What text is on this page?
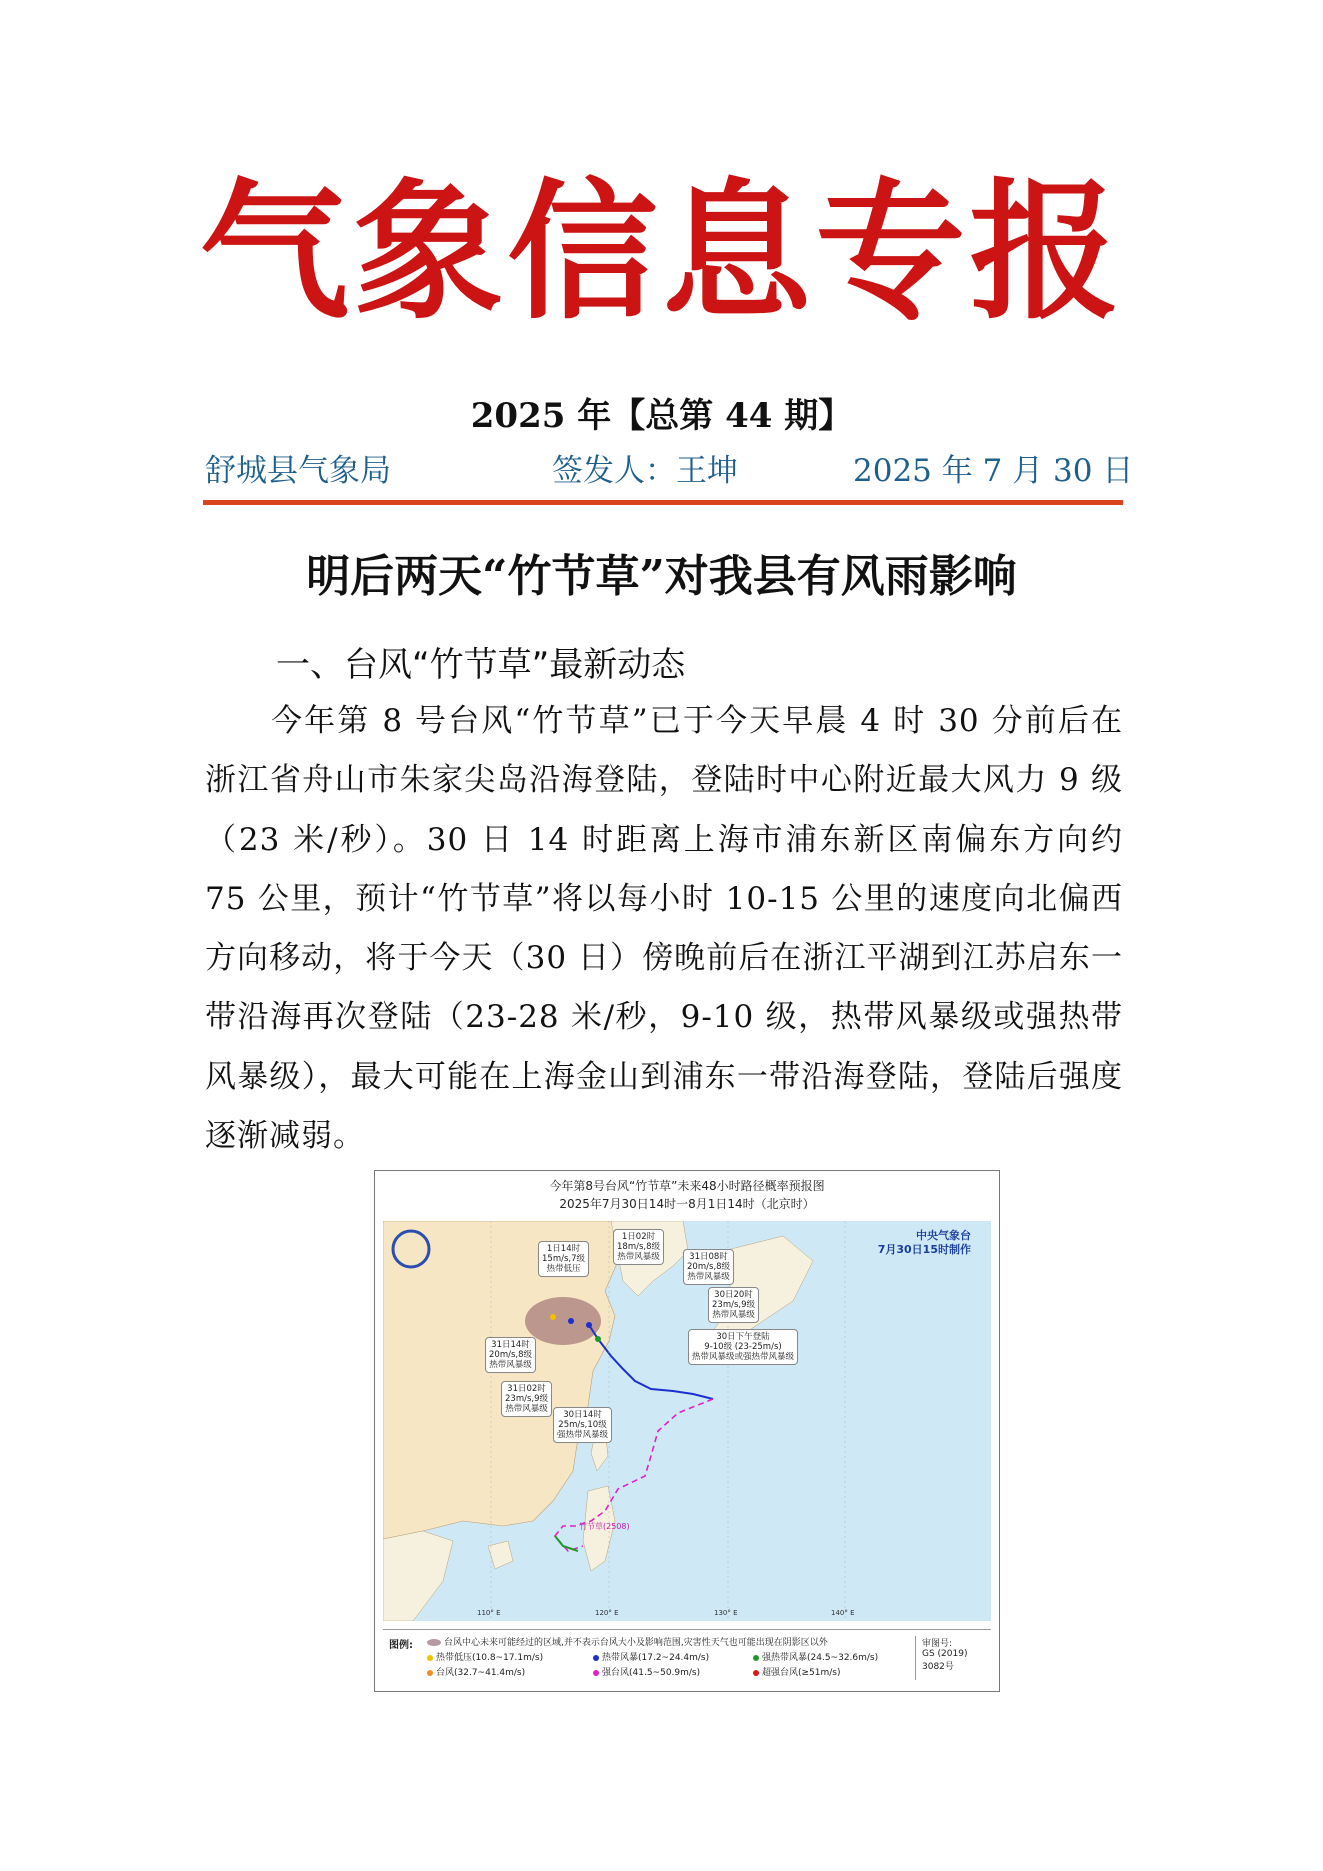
气象信息专报
2025 年【总第 44 期】
舒城县气象局	签发人：王坤	2025 年 7 月 30 日
明后两天“竹节草”对我县有风雨影响
一、台风“竹节草”最新动态
今年第 8 号台风“竹节草”已于今天早晨 4 时 30 分前后在浙江省舟山市朱家尖岛沿海登陆，登陆时中心附近最大风力 9 级（23 米/秒）。30 日 14 时距离上海市浦东新区南偏东方向约 75 公里，预计“竹节草”将以每小时 10-15 公里的速度向北偏西方向移动，将于今天（30 日）傍晚前后在浙江平湖到江苏启东一带沿海再次登陆（23-28 米/秒，9-10 级，热带风暴级或强热带风暴级），最大可能在上海金山到浦东一带沿海登陆，登陆后强度逐渐减弱。
今年第8号台风“竹节草”未来48小时路径概率预报图
2025年7月30日14时一8月1日14时（北京时）
中央气象台
7月30日15时制作
1日14时
15m/s,7级
热带低压
1日02时
18m/s,8级
热带风暴级	31日08时
20m/s,8级
热带风暴级
30日20时
23m/s,9级
热带风暴级
30日下午登陆
9-10级 (23-25m/s)
热带风暴级或强热带风暴级
31日14时
20m/s,8级
热带风暴级
31日02时
23m/s,9级
热带风暴级
30日14时
25m/s,10级
强热带风暴级
竹节草(2508)
110° E	120° E	130° E	140° E
图例:	台风中心未来可能经过的区域,并不表示台风大小及影响范围,灾害性天气也可能出现在阴影区以外
热带低压(10.8~17.1m/s)	热带风暴(17.2~24.4m/s)	强热带风暴(24.5~32.6m/s)
台风(32.7~41.4m/s)	强台风(41.5~50.9m/s)	超强台风(≥51m/s)
审图号:
GS (2019) 3082号
